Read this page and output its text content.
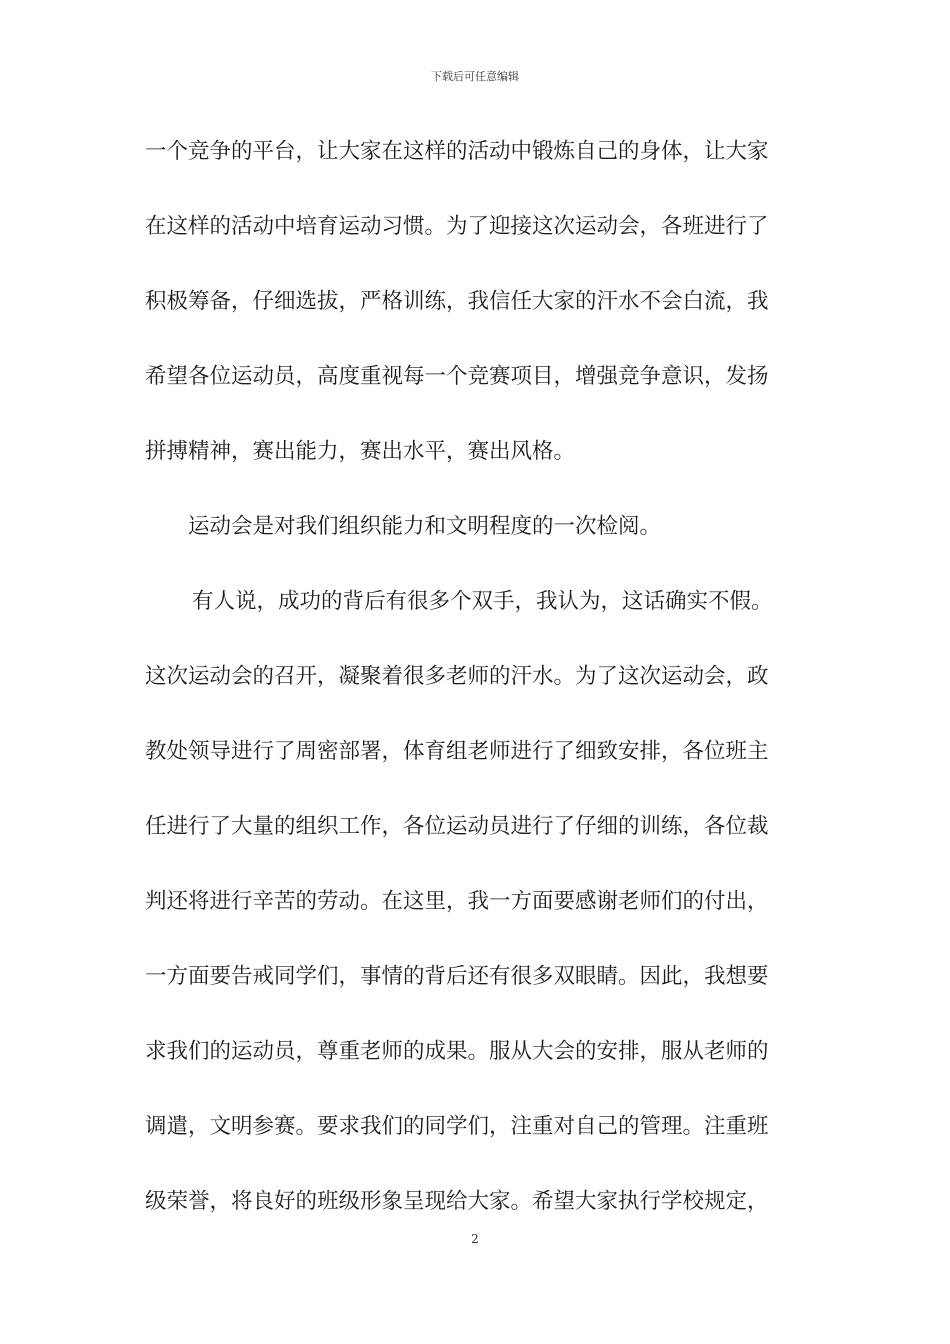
下载后可任意编辑
一个竞争的平台，让大家在这样的活动中锻炼自己的身体，让大家
在这样的活动中培育运动习惯。为了迎接这次运动会，各班进行了
积极筹备，仔细选拔，严格训练，我信任大家的汗水不会白流，我
希望各位运动员，高度重视每一个竞赛项目，增强竞争意识，发扬
拼搏精神，赛出能力，赛出水平，赛出风格。
运动会是对我们组织能力和文明程度的一次检阅。
有人说，成功的背后有很多个双手，我认为，这话确实不假。
这次运动会的召开，凝聚着很多老师的汗水。为了这次运动会，政
教处领导进行了周密部署，体育组老师进行了细致安排，各位班主
任进行了大量的组织工作，各位运动员进行了仔细的训练，各位裁
判还将进行辛苦的劳动。在这里，我一方面要感谢老师们的付出，
一方面要告戒同学们，事情的背后还有很多双眼睛。因此，我想要
求我们的运动员，尊重老师的成果。服从大会的安排，服从老师的
调遣，文明参赛。要求我们的同学们，注重对自己的管理。注重班
级荣誉，将良好的班级形象呈现给大家。希望大家执行学校规定，
2
